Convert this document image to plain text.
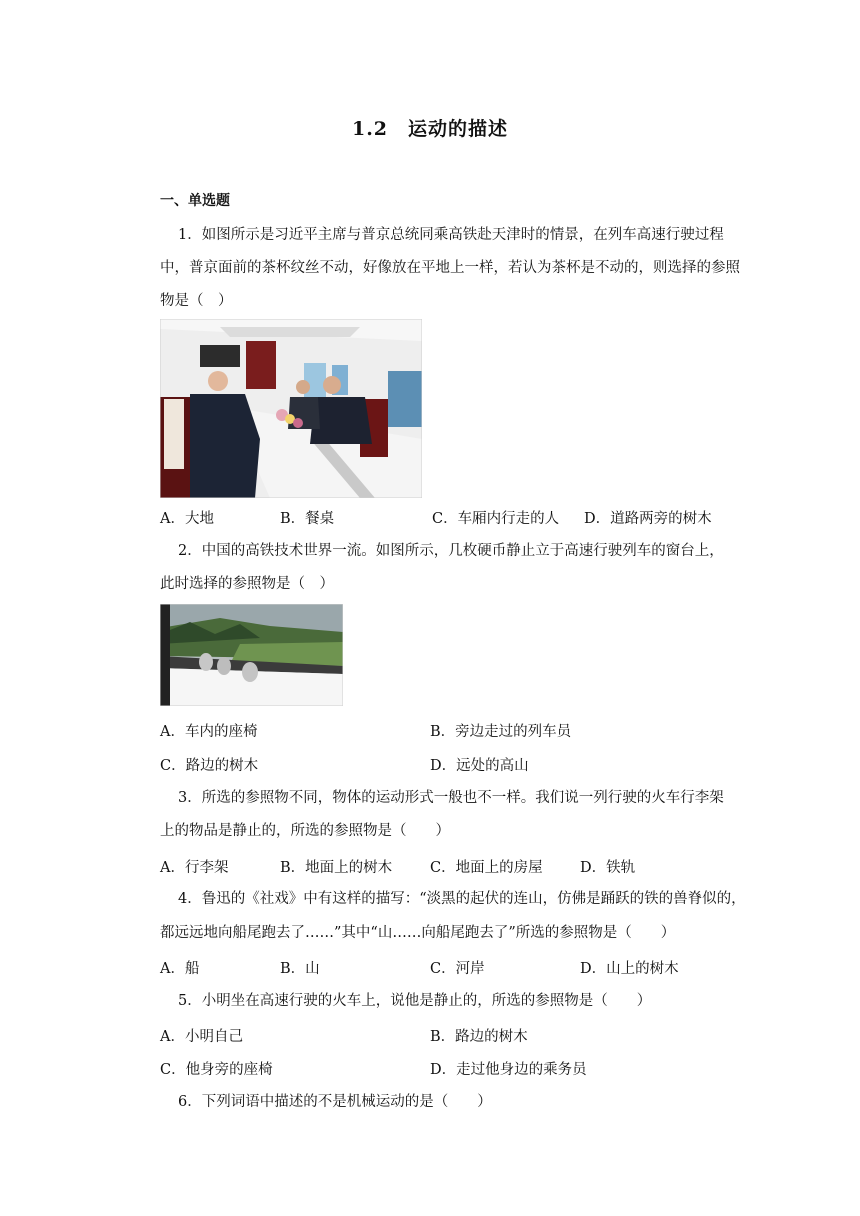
1.2　运动的描述
一、单选题
1．如图所示是习近平主席与普京总统同乘高铁赴天津时的情景，在列车高速行驶过程
中，普京面前的茶杯纹丝不动，好像放在平地上一样，若认为茶杯是不动的，则选择的参照
物是（　）
A．大地	B．餐桌	C．车厢内行走的人 D．道路两旁的树木
2．中国的高铁技术世界一流。如图所示，几枚硬币静止立于高速行驶列车的窗台上，
此时选择的参照物是（　）
A．车内的座椅	B．旁边走过的列车员
C．路边的树木	D．远处的高山
3．所选的参照物不同，物体的运动形式一般也不一样。我们说一列行驶的火车行李架
上的物品是静止的，所选的参照物是（　　）
A．行李架	B．地面上的树木	C．地面上的房屋	D．铁轨
4．鲁迅的《社戏》中有这样的描写：“淡黑的起伏的连山，仿佛是踊跃的铁的兽脊似的，
都远远地向船尾跑去了……”其中“山……向船尾跑去了”所选的参照物是（　　）
A．船	B．山	C．河岸	D．山上的树木
5．小明坐在高速行驶的火车上，说他是静止的，所选的参照物是（　　）
A．小明自己	B．路边的树木
C．他身旁的座椅	D．走过他身边的乘务员
6．下列词语中描述的不是机械运动的是（　　）
